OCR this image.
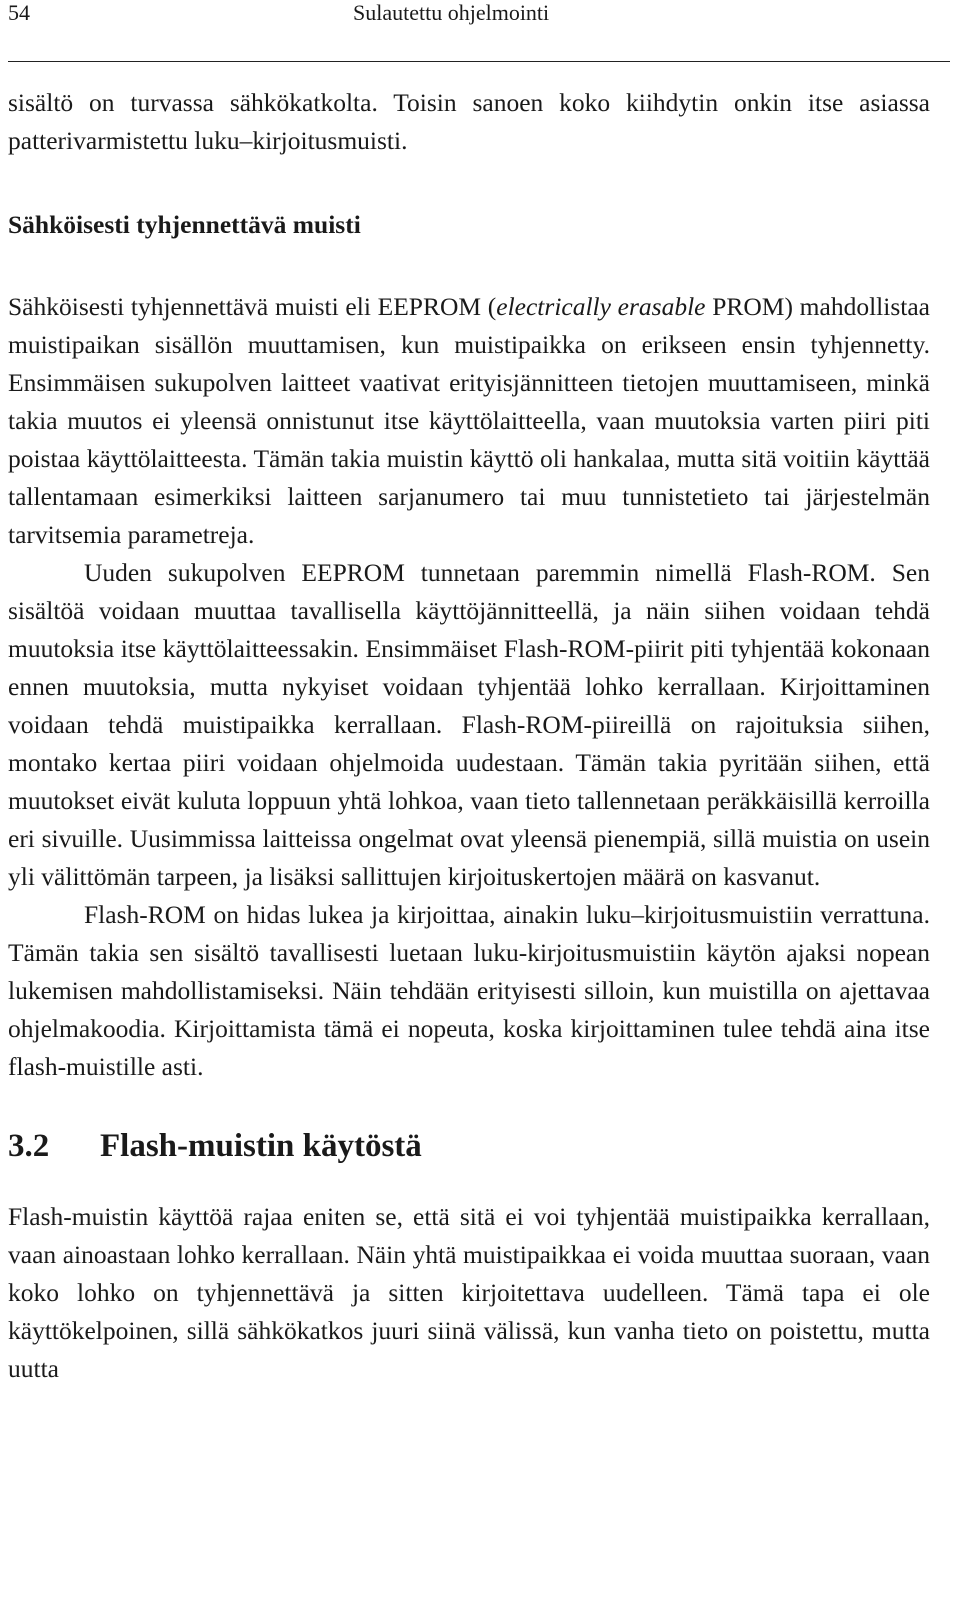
54	Sulautettu ohjelmointi

sisältö on turvassa sähkökatkolta. Toisin sanoen koko kiihdytin onkin itse asiassa patterivarmistettu luku–kirjoitusmuisti.

Sähköisesti tyhjennettävä muisti

Sähköisesti tyhjennettävä muisti eli EEPROM (electrically erasable PROM) mahdollistaa muistipaikan sisällön muuttamisen, kun muistipaikka on erikseen ensin tyhjennetty. Ensimmäisen sukupolven laitteet vaativat erityisjännitteen tietojen muuttamiseen, minkä takia muutos ei yleensä onnistunut itse käyttölaitteella, vaan muutoksia varten piiri piti poistaa käyttölaitteesta. Tämän takia muistin käyttö oli hankalaa, mutta sitä voitiin käyttää tallentamaan esimerkiksi laitteen sarjanumero tai muu tunnistetieto tai järjestelmän tarvitsemia parametreja.

Uuden sukupolven EEPROM tunnetaan paremmin nimellä Flash-ROM. Sen sisältöä voidaan muuttaa tavallisella käyttöjännitteellä, ja näin siihen voidaan tehdä muutoksia itse käyttölaitteessakin. Ensimmäiset Flash-ROM-piirit piti tyhjentää kokonaan ennen muutoksia, mutta nykyiset voidaan tyhjentää lohko kerrallaan. Kirjoittaminen voidaan tehdä muistipaikka kerrallaan. Flash-ROM-piireillä on rajoituksia siihen, montako kertaa piiri voidaan ohjelmoida uudestaan. Tämän takia pyritään siihen, että muutokset eivät kuluta loppuun yhtä lohkoa, vaan tieto tallennetaan peräkkäisillä kerroilla eri sivuille. Uusimmissa laitteissa ongelmat ovat yleensä pienempiä, sillä muistia on usein yli välittömän tarpeen, ja lisäksi sallittujen kirjoituskertojen määrä on kasvanut.

Flash-ROM on hidas lukea ja kirjoittaa, ainakin luku–kirjoitusmuistiin verrattuna. Tämän takia sen sisältö tavallisesti luetaan luku-kirjoitusmuistiin käytön ajaksi nopean lukemisen mahdollistamiseksi. Näin tehdään erityisesti silloin, kun muistilla on ajettavaa ohjelmakoodia. Kirjoittamista tämä ei nopeuta, koska kirjoittaminen tulee tehdä aina itse flash-muistille asti.

3.2 Flash-muistin käytöstä

Flash-muistin käyttöä rajaa eniten se, että sitä ei voi tyhjentää muistipaikka kerrallaan, vaan ainoastaan lohko kerrallaan. Näin yhtä muistipaikkaa ei voida muuttaa suoraan, vaan koko lohko on tyhjennettävä ja sitten kirjoitettava uudelleen. Tämä tapa ei ole käyttökelpoinen, sillä sähkökatkos juuri siinä välissä, kun vanha tieto on poistettu, mutta uutta
